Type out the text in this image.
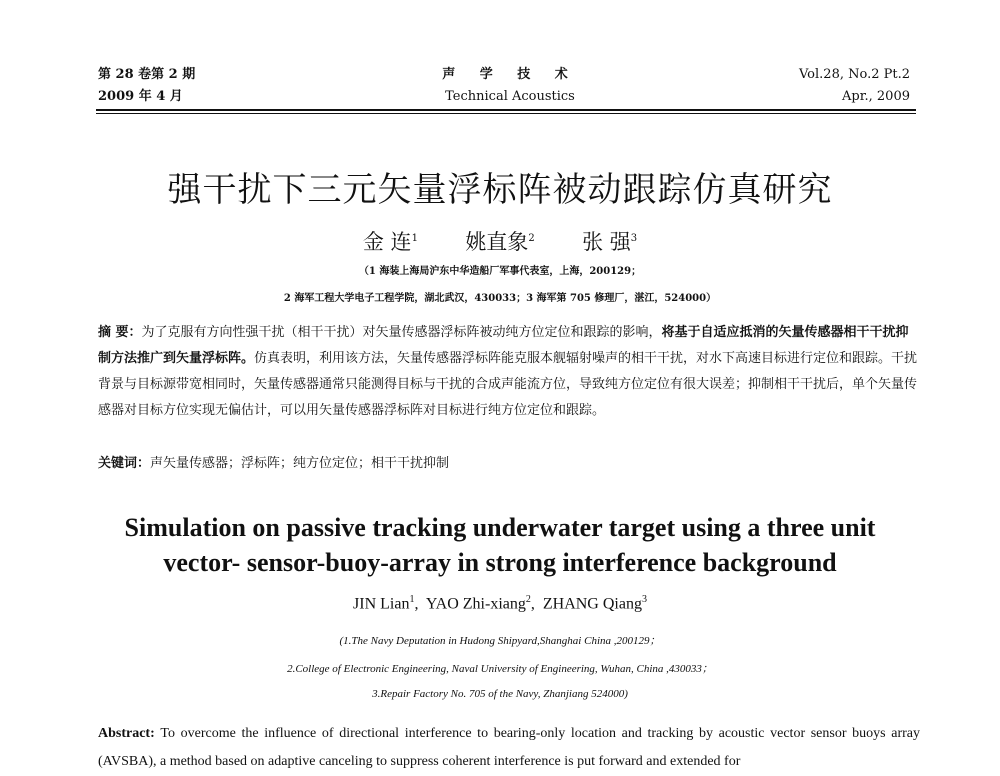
第 28 卷第 2 期
2009 年 4 月
声 学 技 术
Technical Acoustics
Vol.28, No.2 Pt.2
Apr., 2009
强干扰下三元矢量浮标阵被动跟踪仿真研究
金 连$^1$ 姚直象$^2$ 张 强$^3$
（1 海装上海局沪东中华造船厂军事代表室，上海，200129；
2 海军工程大学电子工程学院，湖北武汉，430033；3 海军第 705 修理厂，湛江，524000）
摘 要：为了克服有方向性强干扰（相干干扰）对矢量传感器浮标阵被动纯方位定位和跟踪的影响，将基于自适应抵消的矢量传感器相干干扰抑制方法推广到矢量浮标阵。仿真表明，利用该方法，矢量传感器浮标阵能克服本舰辐射噪声的相干干扰，对水下高速目标进行定位和跟踪。干扰背景与目标源带宽相同时，矢量传感器通常只能测得目标与干扰的合成声能流方位，导致纯方位定位有很大误差；抑制相干干扰后，单个矢量传感器对目标方位实现无偏估计，可以用矢量传感器浮标阵对目标进行纯方位定位和跟踪。
关键词：声矢量传感器；浮标阵；纯方位定位；相干干扰抑制
Simulation on passive tracking underwater target using a three unit
vector- sensor-buoy-array in strong interference background
JIN Lian$^1$,  YAO Zhi-xiang$^2$,  ZHANG Qiang$^3$
(1.The Navy Deputation in Hudong Shipyard,Shanghai China ,200129；
2.College of Electronic Engineering, Naval University of Engineering, Wuhan, China ,430033；
3.Repair Factory No. 705 of the Navy, Zhanjiang 524000)
Abstract: To overcome the influence of directional interference to bearing-only location and tracking by acoustic vector sensor buoys array (AVSBA), a method based on adaptive canceling to suppress coherent interference is put forward and extended for
